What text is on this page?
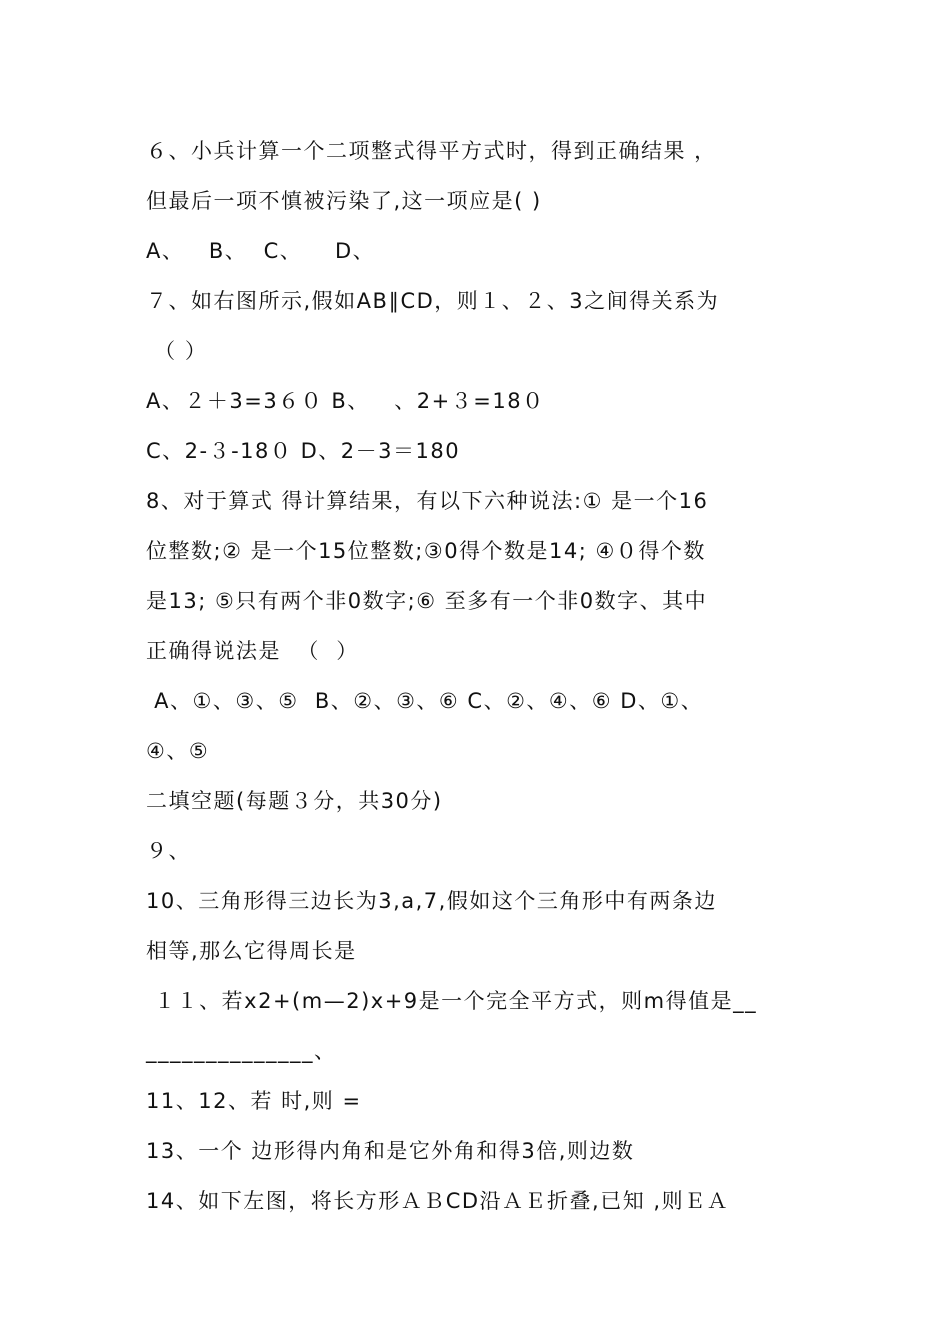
６、小兵计算一个二项整式得平方式时，得到正确结果 ，
但最后一项不慎被污染了,这一项应是( )
A、   B、  C、    D、
７、如右图所示,假如AB∥CD，则１、２、3之间得关系为
（ ）
A、２＋3=3６０ B、   、2+３=18０
C、2-３-18０ D、2－3＝180
8、对于算式 得计算结果，有以下六种说法:① 是一个16
位整数;② 是一个15位整数;③0得个数是14; ④０得个数
是13; ⑤只有两个非0数字;⑥ 至多有一个非0数字、其中
正确得说法是  （  ）
A、①、③、⑤  B、②、③、⑥ C、②、④、⑥ D、①、
④、⑤
二填空题(每题３分，共30分)
９、
10、三角形得三边长为3,a,7,假如这个三角形中有两条边
相等,那么它得周长是
１１、若x2+(m—2)x+9是一个完全平方式，则m得值是__
______________、
11、12、若 时,则 =
13、一个 边形得内角和是它外角和得3倍,则边数
14、如下左图，将长方形ＡＢCD沿ＡＥ折叠,已知 ,则ＥＡ
